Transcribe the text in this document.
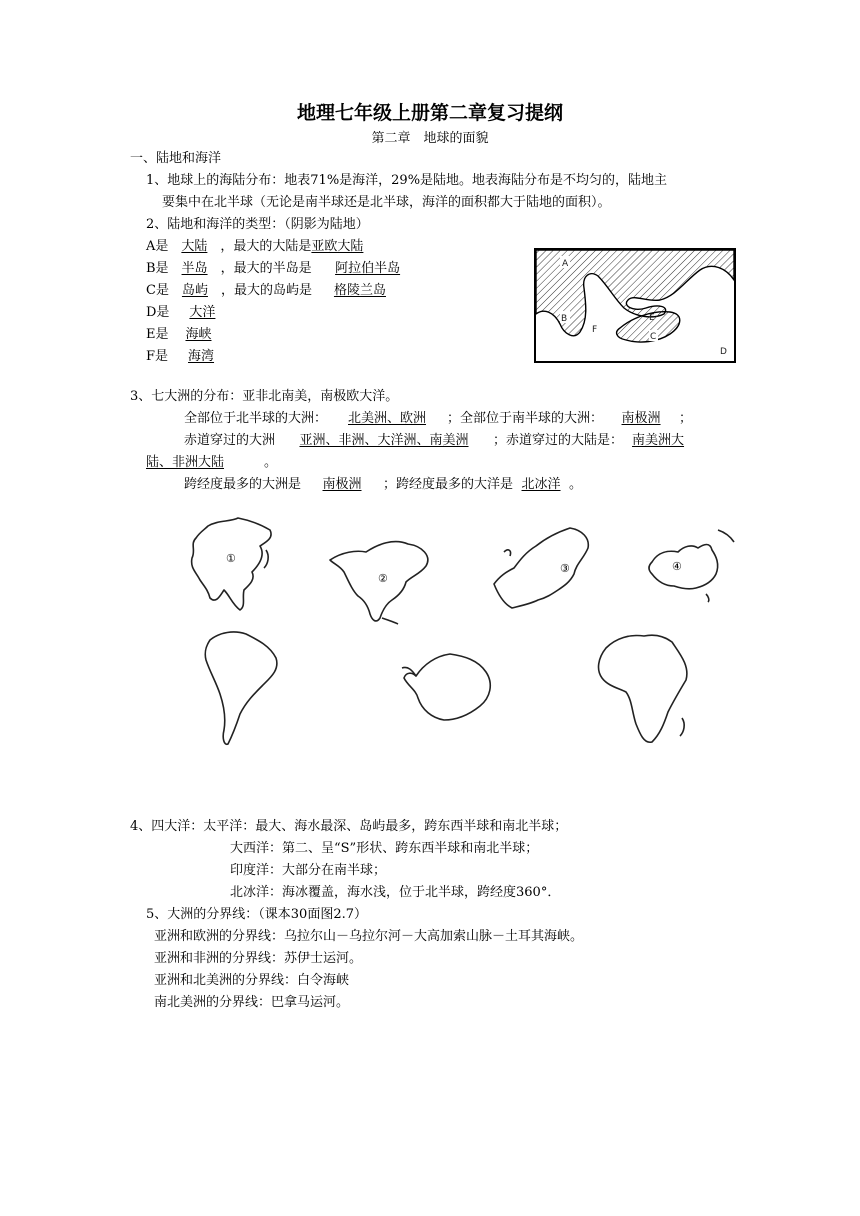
地理七年级上册第二章复习提纲
第二章　地球的面貌
一、陆地和海洋
1、地球上的海陆分布：地表71%是海洋，29%是陆地。地表海陆分布是不均匀的，陆地主
要集中在北半球（无论是南半球还是北半球，海洋的面积都大于陆地的面积）。
2、陆地和海洋的类型：（阴影为陆地）
A是 大陆 ，最大的大陆是亚欧大陆
B是 半岛 ，最大的半岛是 阿拉伯半岛
C是 岛屿 ，最大的岛屿是 格陵兰岛
D是 大洋
E是 海峡
F是 海湾
A
B
F
E
C
D
3、七大洲的分布：亚非北南美，南极欧大洋。
全部位于北半球的大洲： 北美洲、欧洲 ；全部位于南半球的大洲： 南极洲 ；
赤道穿过的大洲 亚洲、非洲、大洋洲、南美洲 ；赤道穿过的大陆是： 南美洲大
陆、非洲大陆	。
跨经度最多的大洲是 南极洲 ；跨经度最多的大洋是 北冰洋 。
①
②
③	④
4、四大洋：太平洋：最大、海水最深、岛屿最多，跨东西半球和南北半球；
大西洋：第二、呈“S”形状、跨东西半球和南北半球；
印度洋：大部分在南半球；
北冰洋：海冰覆盖，海水浅，位于北半球，跨经度360°．
5、大洲的分界线：（课本30面图2.7）
亚洲和欧洲的分界线：乌拉尔山－乌拉尔河－大高加索山脉－土耳其海峡。
亚洲和非洲的分界线：苏伊士运河。
亚洲和北美洲的分界线：白令海峡
南北美洲的分界线：巴拿马运河。
